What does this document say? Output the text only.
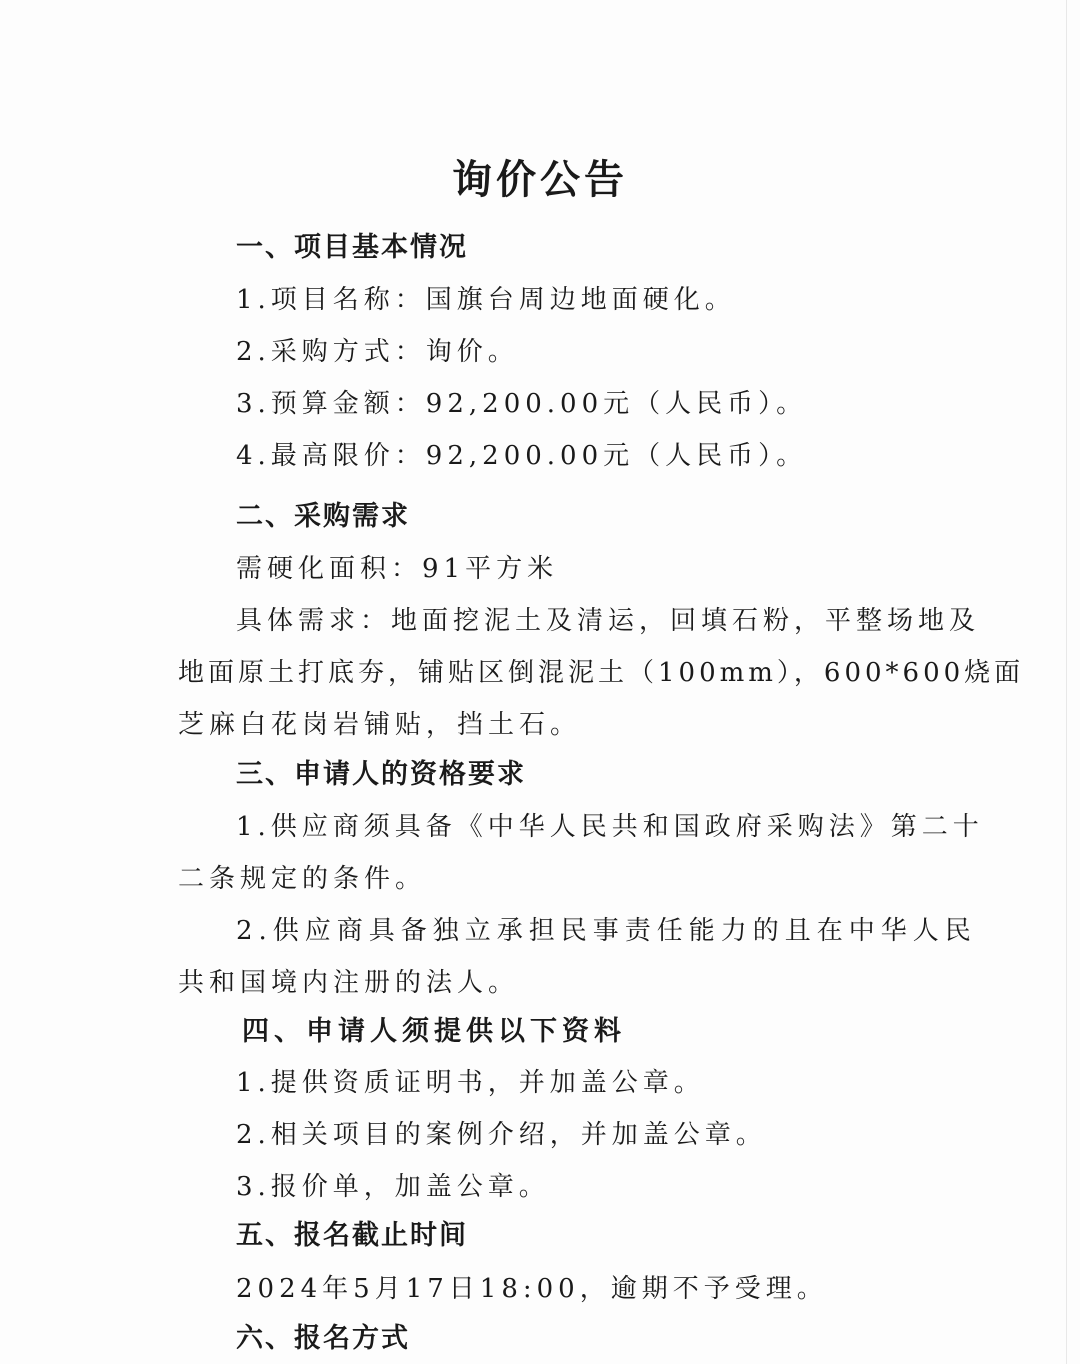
询价公告

一、项目基本情况

1.项目名称：国旗台周边地面硬化。

2.采购方式：询价。

3.预算金额：92,200.00元（人民币）。

4.最高限价：92,200.00元（人民币）。

二、采购需求

需硬化面积：91平方米

具体需求：地面挖泥土及清运，回填石粉，平整场地及

地面原土打底夯，铺贴区倒混泥土（100mm），600*600烧面

芝麻白花岗岩铺贴，挡土石。

三、申请人的资格要求

1.供应商须具备《中华人民共和国政府采购法》第二十

二条规定的条件。

2.供应商具备独立承担民事责任能力的且在中华人民

共和国境内注册的法人。

四、申请人须提供以下资料

1.提供资质证明书，并加盖公章。

2.相关项目的案例介绍，并加盖公章。

3.报价单，加盖公章。

五、报名截止时间

2024年5月17日18:00，逾期不予受理。

六、报名方式
